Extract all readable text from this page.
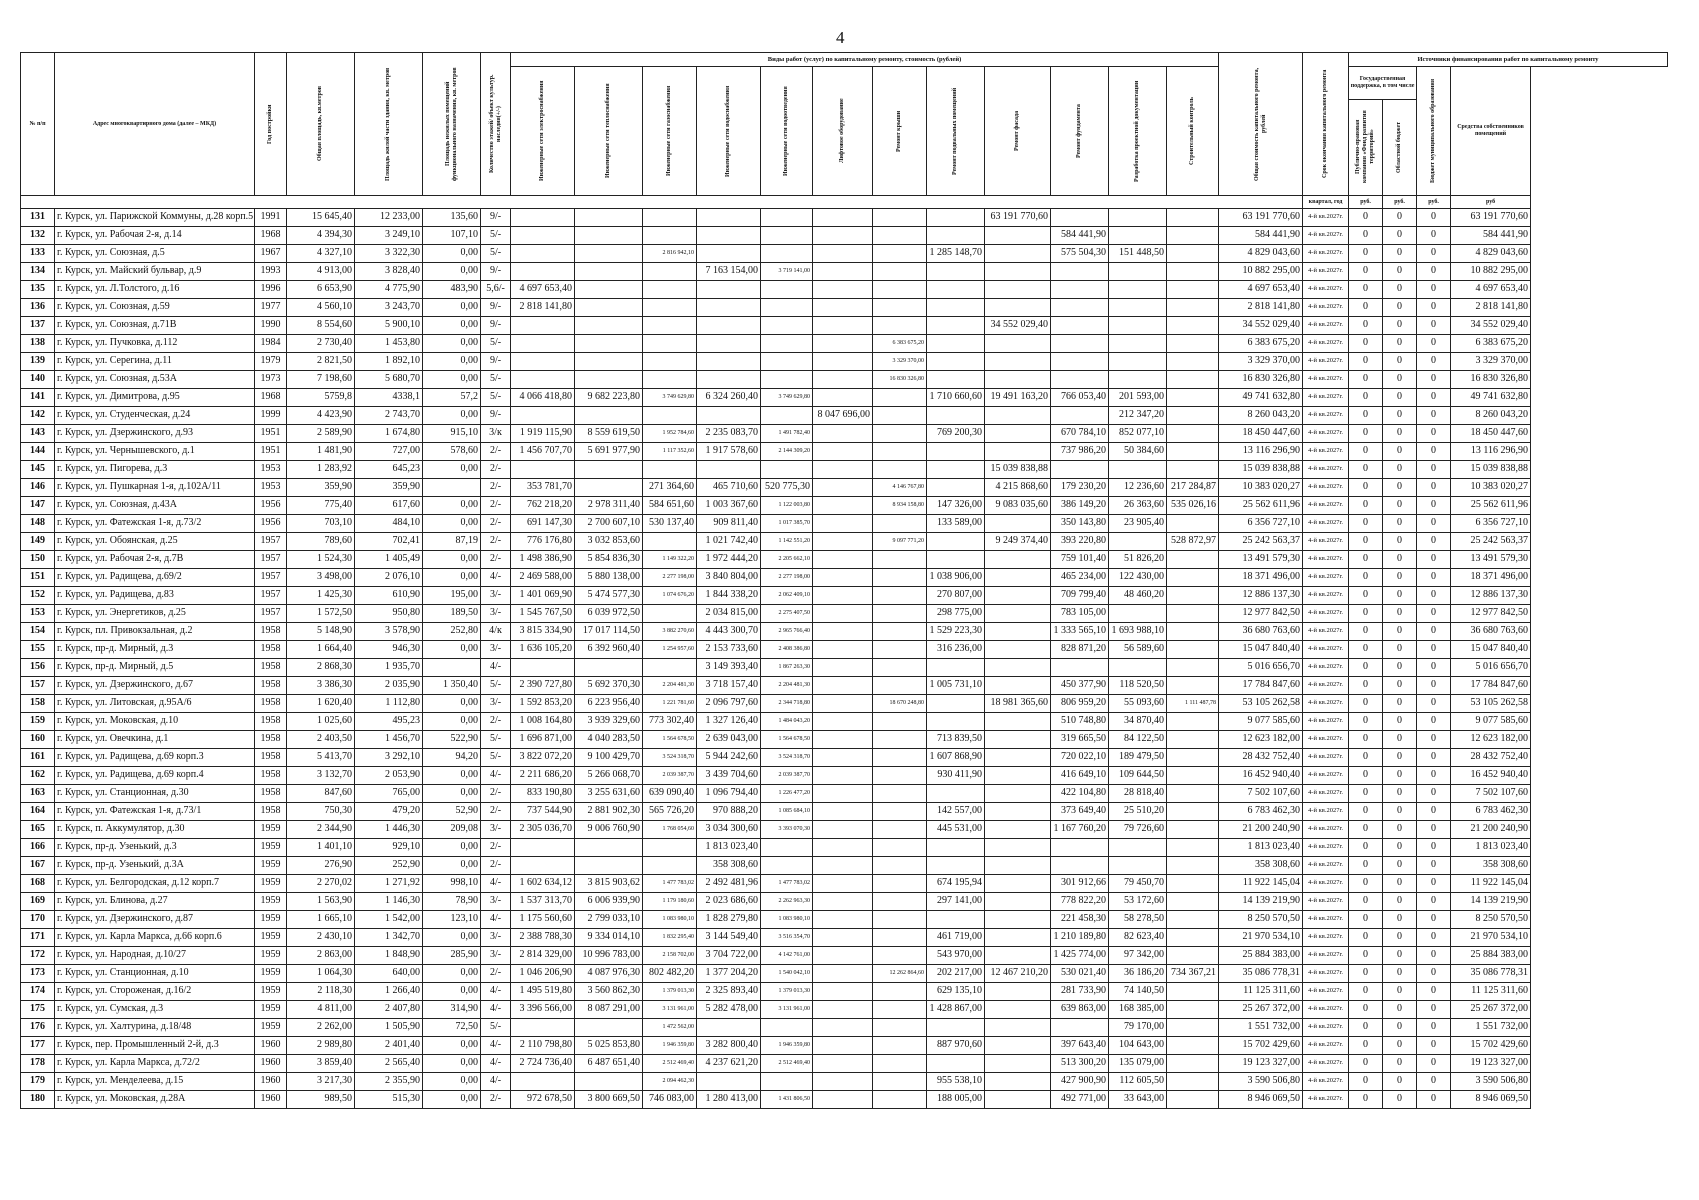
4
№ п/п	Адрес многоквартирного дома (далее – МКД)	Год постройки	Общая площадь, кв.метров	Площадь жилой части здания, кв. метров	Площадь нежилых помещений функционального назначения, кв. метров	Количество этажей/ объект культур. наследия(+/-)	Виды работ (услуг) по капитальному ремонту, стоимость (рублей)												Общая стоимость капитального ремонта, рублей	Срок окончания капитального ремонта	Источники финансирования работ по капитальному ремонту			

							Инженерные сети электроснабжения	Инженерные сети теплоснабжения	Инженерные сети газоснабжения	Инженерные сети водоснабжения	Инженерные сети водоотведения	Лифтовое оборудование	Ремонт крыши	Ремонт подвальных помещений	Ремонт фасада	Ремонт фундамента	Разработка проектной документации	Строительный контроль			Государственная поддержка, в том числе		Бюджет муниципального образования	Средства собственников помещений

																					Публично-правовая компания «Фонд развития территорий»	Областной бюджет		

																				квартал, год	руб.	руб.	руб.	руб
131	г. Курск, ул. Парижской Коммуны, д.28 корп.5	1991	15 645,40	12 233,00	135,60	9/-									63 191 770,60				63 191 770,60	4-й кв.2027г.	0	0	0	63 191 770,60
132	г. Курск, ул. Рабочая 2-я, д.14	1968	4 394,30	3 249,10	107,10	5/-										584 441,90			584 441,90	4-й кв.2027г.	0	0	0	584 441,90
133	г. Курск, ул. Союзная, д.5	1967	4 327,10	3 322,30	0,00	5/-			2 816 942,10					1 285 148,70		575 504,30	151 448,50		4 829 043,60	4-й кв.2027г.	0	0	0	4 829 043,60
134	г. Курск, ул. Майский бульвар, д.9	1993	4 913,00	3 828,40	0,00	9/-				7 163 154,00	3 719 141,00								10 882 295,00	4-й кв.2027г.	0	0	0	10 882 295,00
135	г. Курск, ул. Л.Толстого, д.16	1996	6 653,90	4 775,90	483,90	5,6/-	4 697 653,40												4 697 653,40	4-й кв.2027г.	0	0	0	4 697 653,40
136	г. Курск, ул. Союзная, д.59	1977	4 560,10	3 243,70	0,00	9/-	2 818 141,80												2 818 141,80	4-й кв.2027г.	0	0	0	2 818 141,80
137	г. Курск, ул. Союзная, д.71В	1990	8 554,60	5 900,10	0,00	9/-									34 552 029,40				34 552 029,40	4-й кв.2027г.	0	0	0	34 552 029,40
138	г. Курск, ул. Пучковка, д.112	1984	2 730,40	1 453,80	0,00	5/-							6 383 675,20						6 383 675,20	4-й кв.2027г.	0	0	0	6 383 675,20
139	г. Курск, ул. Серегина, д.11	1979	2 821,50	1 892,10	0,00	9/-							3 329 370,00						3 329 370,00	4-й кв.2027г.	0	0	0	3 329 370,00
140	г. Курск, ул. Союзная, д.53А	1973	7 198,60	5 680,70	0,00	5/-							16 830 326,80						16 830 326,80	4-й кв.2027г.	0	0	0	16 830 326,80
141	г. Курск, ул. Димитрова, д.95	1968	5759,8	4338,1	57,2	5/-	4 066 418,80	9 682 223,80	3 749 629,80	6 324 260,40	3 749 629,80			1 710 660,60	19 491 163,20	766 053,40	201 593,00		49 741 632,80	4-й кв.2027г.	0	0	0	49 741 632,80
142	г. Курск, ул. Студенческая, д.24	1999	4 423,90	2 743,70	0,00	9/-						8 047 696,00					212 347,20		8 260 043,20	4-й кв.2027г.	0	0	0	8 260 043,20
143	г. Курск, ул. Дзержинского, д.93	1951	2 589,90	1 674,80	915,10	3/к	1 919 115,90	8 559 619,50	1 952 784,60	2 235 083,70	1 491 782,40			769 200,30		670 784,10	852 077,10		18 450 447,60	4-й кв.2027г.	0	0	0	18 450 447,60
144	г. Курск, ул. Чернышевского, д.1	1951	1 481,90	727,00	578,60	2/-	1 456 707,70	5 691 977,90	1 117 352,60	1 917 578,60	2 144 309,20					737 986,20	50 384,60		13 116 296,90	4-й кв.2027г.	0	0	0	13 116 296,90
145	г. Курск, ул. Пигорева, д.3	1953	1 283,92	645,23	0,00	2/-									15 039 838,88				15 039 838,88	4-й кв.2027г.	0	0	0	15 039 838,88
146	г. Курск, ул. Пушкарная 1-я, д.102А/11	1953	359,90	359,90		2/-	353 781,70		271 364,60	465 710,60	520 775,30		4 146 767,80		4 215 868,60	179 230,20	12 236,60	217 284,87	10 383 020,27	4-й кв.2027г.	0	0	0	10 383 020,27
147	г. Курск, ул. Союзная, д.43А	1956	775,40	617,60	0,00	2/-	762 218,20	2 978 311,40	584 651,60	1 003 367,60	1 122 003,80		8 934 158,80	147 326,00	9 083 035,60	386 149,20	26 363,60	535 026,16	25 562 611,96	4-й кв.2027г.	0	0	0	25 562 611,96
148	г. Курск, ул. Фатежская 1-я, д.73/2	1956	703,10	484,10	0,00	2/-	691 147,30	2 700 607,10	530 137,40	909 811,40	1 017 385,70			133 589,00		350 143,80	23 905,40		6 356 727,10	4-й кв.2027г.	0	0	0	6 356 727,10
149	г. Курск, ул. Обоянская, д.25	1957	789,60	702,41	87,19	2/-	776 176,80	3 032 853,60		1 021 742,40	1 142 551,20		9 097 771,20		9 249 374,40	393 220,80		528 872,97	25 242 563,37	4-й кв.2027г.	0	0	0	25 242 563,37
150	г. Курск, ул. Рабочая 2-я, д.7В	1957	1 524,30	1 405,49	0,00	2/-	1 498 386,90	5 854 836,30	1 149 322,20	1 972 444,20	2 205 662,10					759 101,40	51 826,20		13 491 579,30	4-й кв.2027г.	0	0	0	13 491 579,30
151	г. Курск, ул. Радищева, д.69/2	1957	3 498,00	2 076,10	0,00	4/-	2 469 588,00	5 880 138,00	2 277 198,00	3 840 804,00	2 277 198,00			1 038 906,00		465 234,00	122 430,00		18 371 496,00	4-й кв.2027г.	0	0	0	18 371 496,00
152	г. Курск, ул. Радищева, д.83	1957	1 425,30	610,90	195,00	3/-	1 401 069,90	5 474 577,30	1 074 676,20	1 844 338,20	2 062 409,10			270 807,00		709 799,40	48 460,20		12 886 137,30	4-й кв.2027г.	0	0	0	12 886 137,30
153	г. Курск, ул. Энергетиков, д.25	1957	1 572,50	950,80	189,50	3/-	1 545 767,50	6 039 972,50		2 034 815,00	2 275 407,50			298 775,00		783 105,00			12 977 842,50	4-й кв.2027г.	0	0	0	12 977 842,50
154	г. Курск, пл. Привокзальная, д.2	1958	5 148,90	3 578,90	252,80	4/к	3 815 334,90	17 017 114,50	3 882 270,60	4 443 300,70	2 965 766,40			1 529 223,30		1 333 565,10	1 693 988,10		36 680 763,60	4-й кв.2027г.	0	0	0	36 680 763,60
155	г. Курск, пр-д. Мирный, д.3	1958	1 664,40	946,30	0,00	3/-	1 636 105,20	6 392 960,40	1 254 957,60	2 153 733,60	2 408 386,80			316 236,00		828 871,20	56 589,60		15 047 840,40	4-й кв.2027г.	0	0	0	15 047 840,40
156	г. Курск, пр-д. Мирный, д.5	1958	2 868,30	1 935,70		4/-				3 149 393,40	1 867 263,30								5 016 656,70	4-й кв.2027г.	0	0	0	5 016 656,70
157	г. Курск, ул. Дзержинского, д.67	1958	3 386,30	2 035,90	1 350,40	5/-	2 390 727,80	5 692 370,30	2 204 481,30	3 718 157,40	2 204 481,30			1 005 731,10		450 377,90	118 520,50		17 784 847,60	4-й кв.2027г.	0	0	0	17 784 847,60
158	г. Курск, ул. Литовская, д.95А/6	1958	1 620,40	1 112,80	0,00	3/-	1 592 853,20	6 223 956,40	1 221 781,60	2 096 797,60	2 344 718,80		18 670 248,80		18 981 365,60	806 959,20	55 093,60	1 111 487,78	53 105 262,58	4-й кв.2027г.	0	0	0	53 105 262,58
159	г. Курск, ул. Моковская, д.10	1958	1 025,60	495,23	0,00	2/-	1 008 164,80	3 939 329,60	773 302,40	1 327 126,40	1 484 043,20					510 748,80	34 870,40		9 077 585,60	4-й кв.2027г.	0	0	0	9 077 585,60
160	г. Курск, ул. Овечкина, д.1	1958	2 403,50	1 456,70	522,90	5/-	1 696 871,00	4 040 283,50	1 564 678,50	2 639 043,00	1 564 678,50			713 839,50		319 665,50	84 122,50		12 623 182,00	4-й кв.2027г.	0	0	0	12 623 182,00
161	г. Курск, ул. Радищева, д.69 корп.3	1958	5 413,70	3 292,10	94,20	5/-	3 822 072,20	9 100 429,70	3 524 318,70	5 944 242,60	3 524 318,70			1 607 868,90		720 022,10	189 479,50		28 432 752,40	4-й кв.2027г.	0	0	0	28 432 752,40
162	г. Курск, ул. Радищева, д.69 корп.4	1958	3 132,70	2 053,90	0,00	4/-	2 211 686,20	5 266 068,70	2 039 387,70	3 439 704,60	2 039 387,70			930 411,90		416 649,10	109 644,50		16 452 940,40	4-й кв.2027г.	0	0	0	16 452 940,40
163	г. Курск, ул. Станционная, д.30	1958	847,60	765,00	0,00	2/-	833 190,80	3 255 631,60	639 090,40	1 096 794,40	1 226 477,20					422 104,80	28 818,40		7 502 107,60	4-й кв.2027г.	0	0	0	7 502 107,60
164	г. Курск, ул. Фатежская 1-я, д.73/1	1958	750,30	479,20	52,90	2/-	737 544,90	2 881 902,30	565 726,20	970 888,20	1 085 684,10			142 557,00		373 649,40	25 510,20		6 783 462,30	4-й кв.2027г.	0	0	0	6 783 462,30
165	г. Курск, п. Аккумулятор, д.30	1959	2 344,90	1 446,30	209,08	3/-	2 305 036,70	9 006 760,90	1 768 054,60	3 034 300,60	3 393 070,30			445 531,00		1 167 760,20	79 726,60		21 200 240,90	4-й кв.2027г.	0	0	0	21 200 240,90
166	г. Курск, пр-д. Узенький, д.3	1959	1 401,10	929,10	0,00	2/-				1 813 023,40									1 813 023,40	4-й кв.2027г.	0	0	0	1 813 023,40
167	г. Курск, пр-д. Узенький, д.3А	1959	276,90	252,90	0,00	2/-				358 308,60									358 308,60	4-й кв.2027г.	0	0	0	358 308,60
168	г. Курск, ул. Белгородская, д.12 корп.7	1959	2 270,02	1 271,92	998,10	4/-	1 602 634,12	3 815 903,62	1 477 783,02	2 492 481,96	1 477 783,02			674 195,94		301 912,66	79 450,70		11 922 145,04	4-й кв.2027г.	0	0	0	11 922 145,04
169	г. Курск, ул. Блинова, д.27	1959	1 563,90	1 146,30	78,90	3/-	1 537 313,70	6 006 939,90	1 179 180,60	2 023 686,60	2 262 963,30			297 141,00		778 822,20	53 172,60		14 139 219,90	4-й кв.2027г.	0	0	0	14 139 219,90
170	г. Курск, ул. Дзержинского, д.87	1959	1 665,10	1 542,00	123,10	4/-	1 175 560,60	2 799 033,10	1 083 980,10	1 828 279,80	1 083 980,10					221 458,30	58 278,50		8 250 570,50	4-й кв.2027г.	0	0	0	8 250 570,50
171	г. Курск, ул. Карла Маркса, д.66 корп.6	1959	2 430,10	1 342,70	0,00	3/-	2 388 788,30	9 334 014,10	1 832 295,40	3 144 549,40	3 516 354,70			461 719,00		1 210 189,80	82 623,40		21 970 534,10	4-й кв.2027г.	0	0	0	21 970 534,10
172	г. Курск, ул. Народная, д.10/27	1959	2 863,00	1 848,90	285,90	3/-	2 814 329,00	10 996 783,00	2 158 702,00	3 704 722,00	4 142 761,00			543 970,00		1 425 774,00	97 342,00		25 884 383,00	4-й кв.2027г.	0	0	0	25 884 383,00
173	г. Курск, ул. Станционная, д.10	1959	1 064,30	640,00	0,00	2/-	1 046 206,90	4 087 976,30	802 482,20	1 377 204,20	1 540 042,10		12 262 864,60	202 217,00	12 467 210,20	530 021,40	36 186,20	734 367,21	35 086 778,31	4-й кв.2027г.	0	0	0	35 086 778,31
174	г. Курск, ул. Стороженая, д.16/2	1959	2 118,30	1 266,40	0,00	4/-	1 495 519,80	3 560 862,30	1 379 013,30	2 325 893,40	1 379 013,30			629 135,10		281 733,90	74 140,50		11 125 311,60	4-й кв.2027г.	0	0	0	11 125 311,60
175	г. Курск, ул. Сумская, д.3	1959	4 811,00	2 407,80	314,90	4/-	3 396 566,00	8 087 291,00	3 131 961,00	5 282 478,00	3 131 961,00			1 428 867,00		639 863,00	168 385,00		25 267 372,00	4-й кв.2027г.	0	0	0	25 267 372,00
176	г. Курск, ул. Халтурина, д.18/48	1959	2 262,00	1 505,90	72,50	5/-			1 472 562,00								79 170,00		1 551 732,00	4-й кв.2027г.	0	0	0	1 551 732,00
177	г. Курск, пер. Промышленный 2-й, д.3	1960	2 989,80	2 401,40	0,00	4/-	2 110 798,80	5 025 853,80	1 946 359,80	3 282 800,40	1 946 359,80			887 970,60		397 643,40	104 643,00		15 702 429,60	4-й кв.2027г.	0	0	0	15 702 429,60
178	г. Курск, ул. Карла Маркса, д.72/2	1960	3 859,40	2 565,40	0,00	4/-	2 724 736,40	6 487 651,40	2 512 469,40	4 237 621,20	2 512 469,40					513 300,20	135 079,00		19 123 327,00	4-й кв.2027г.	0	0	0	19 123 327,00
179	г. Курск, ул. Менделеева, д.15	1960	3 217,30	2 355,90	0,00	4/-			2 094 462,30					955 538,10		427 900,90	112 605,50		3 590 506,80	4-й кв.2027г.	0	0	0	3 590 506,80
180	г. Курск, ул. Моковская, д.28А	1960	989,50	515,30	0,00	2/-	972 678,50	3 800 669,50	746 083,00	1 280 413,00	1 431 806,50			188 005,00		492 771,00	33 643,00		8 946 069,50	4-й кв.2027г.	0	0	0	8 946 069,50
